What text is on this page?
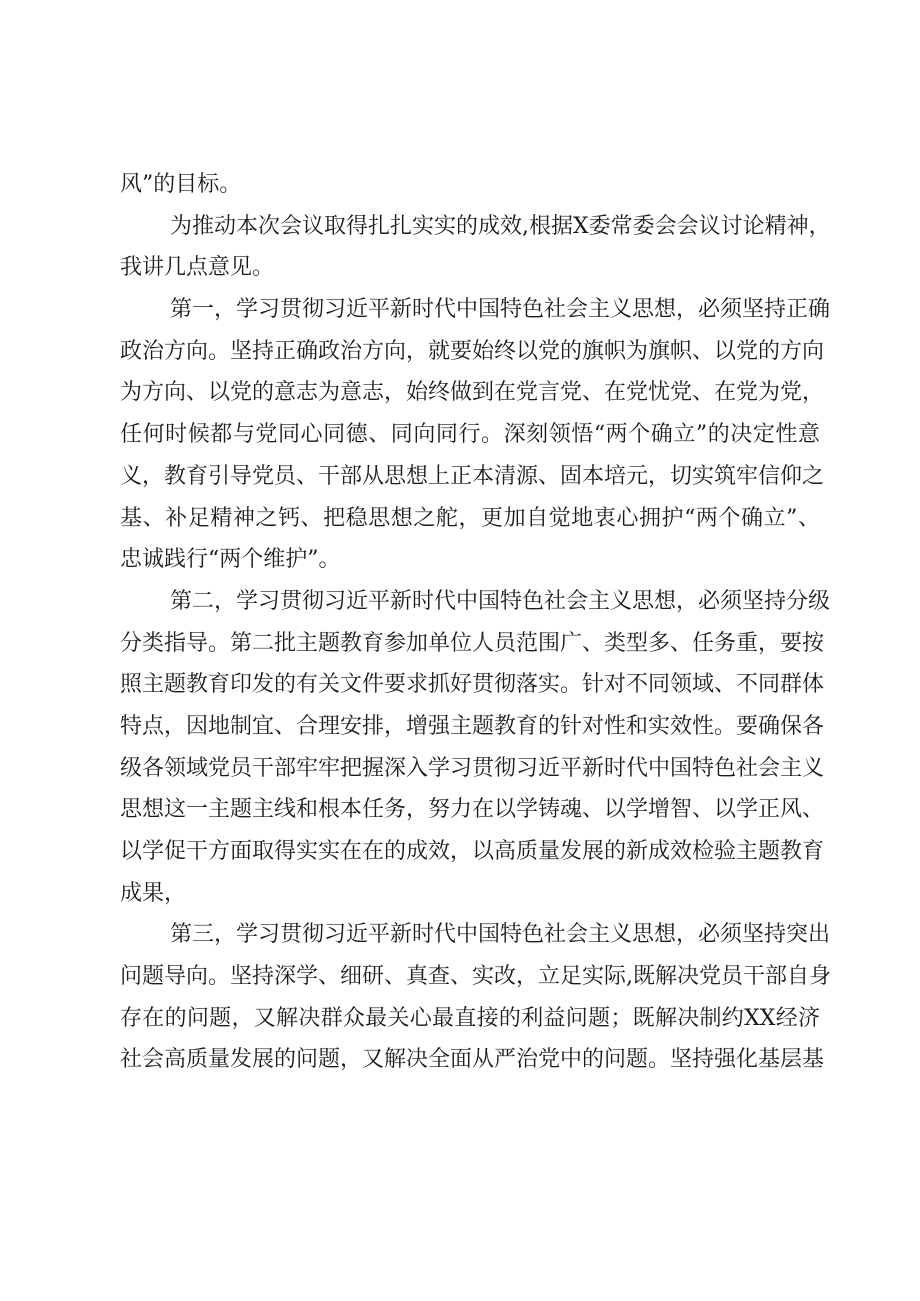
风”的目标。
为推动本次会议取得扎扎实实的成效,根据X委常委会会议讨论精神，
我讲几点意见。
第一，学习贯彻习近平新时代中国特色社会主义思想，必须坚持正确
政治方向。坚持正确政治方向，就要始终以党的旗帜为旗帜、以党的方向
为方向、以党的意志为意志，始终做到在党言党、在党忧党、在党为党，
任何时候都与党同心同德、同向同行。深刻领悟“两个确立”的决定性意
义，教育引导党员、干部从思想上正本清源、固本培元，切实筑牢信仰之
基、补足精神之钙、把稳思想之舵，更加自觉地衷心拥护“两个确立”、
忠诚践行“两个维护”。
第二，学习贯彻习近平新时代中国特色社会主义思想，必须坚持分级
分类指导。第二批主题教育参加单位人员范围广、类型多、任务重，要按
照主题教育印发的有关文件要求抓好贯彻落实。针对不同领域、不同群体
特点，因地制宜、合理安排，增强主题教育的针对性和实效性。要确保各
级各领域党员干部牢牢把握深入学习贯彻习近平新时代中国特色社会主义
思想这一主题主线和根本任务，努力在以学铸魂、以学增智、以学正风、
以学促干方面取得实实在在的成效，以高质量发展的新成效检验主题教育
成果，
第三，学习贯彻习近平新时代中国特色社会主义思想，必须坚持突出
问题导向。坚持深学、细研、真查、实改，立足实际,既解决党员干部自身
存在的问题，又解决群众最关心最直接的利益问题；既解决制约XX经济
社会高质量发展的问题，又解决全面从严治党中的问题。坚持强化基层基
